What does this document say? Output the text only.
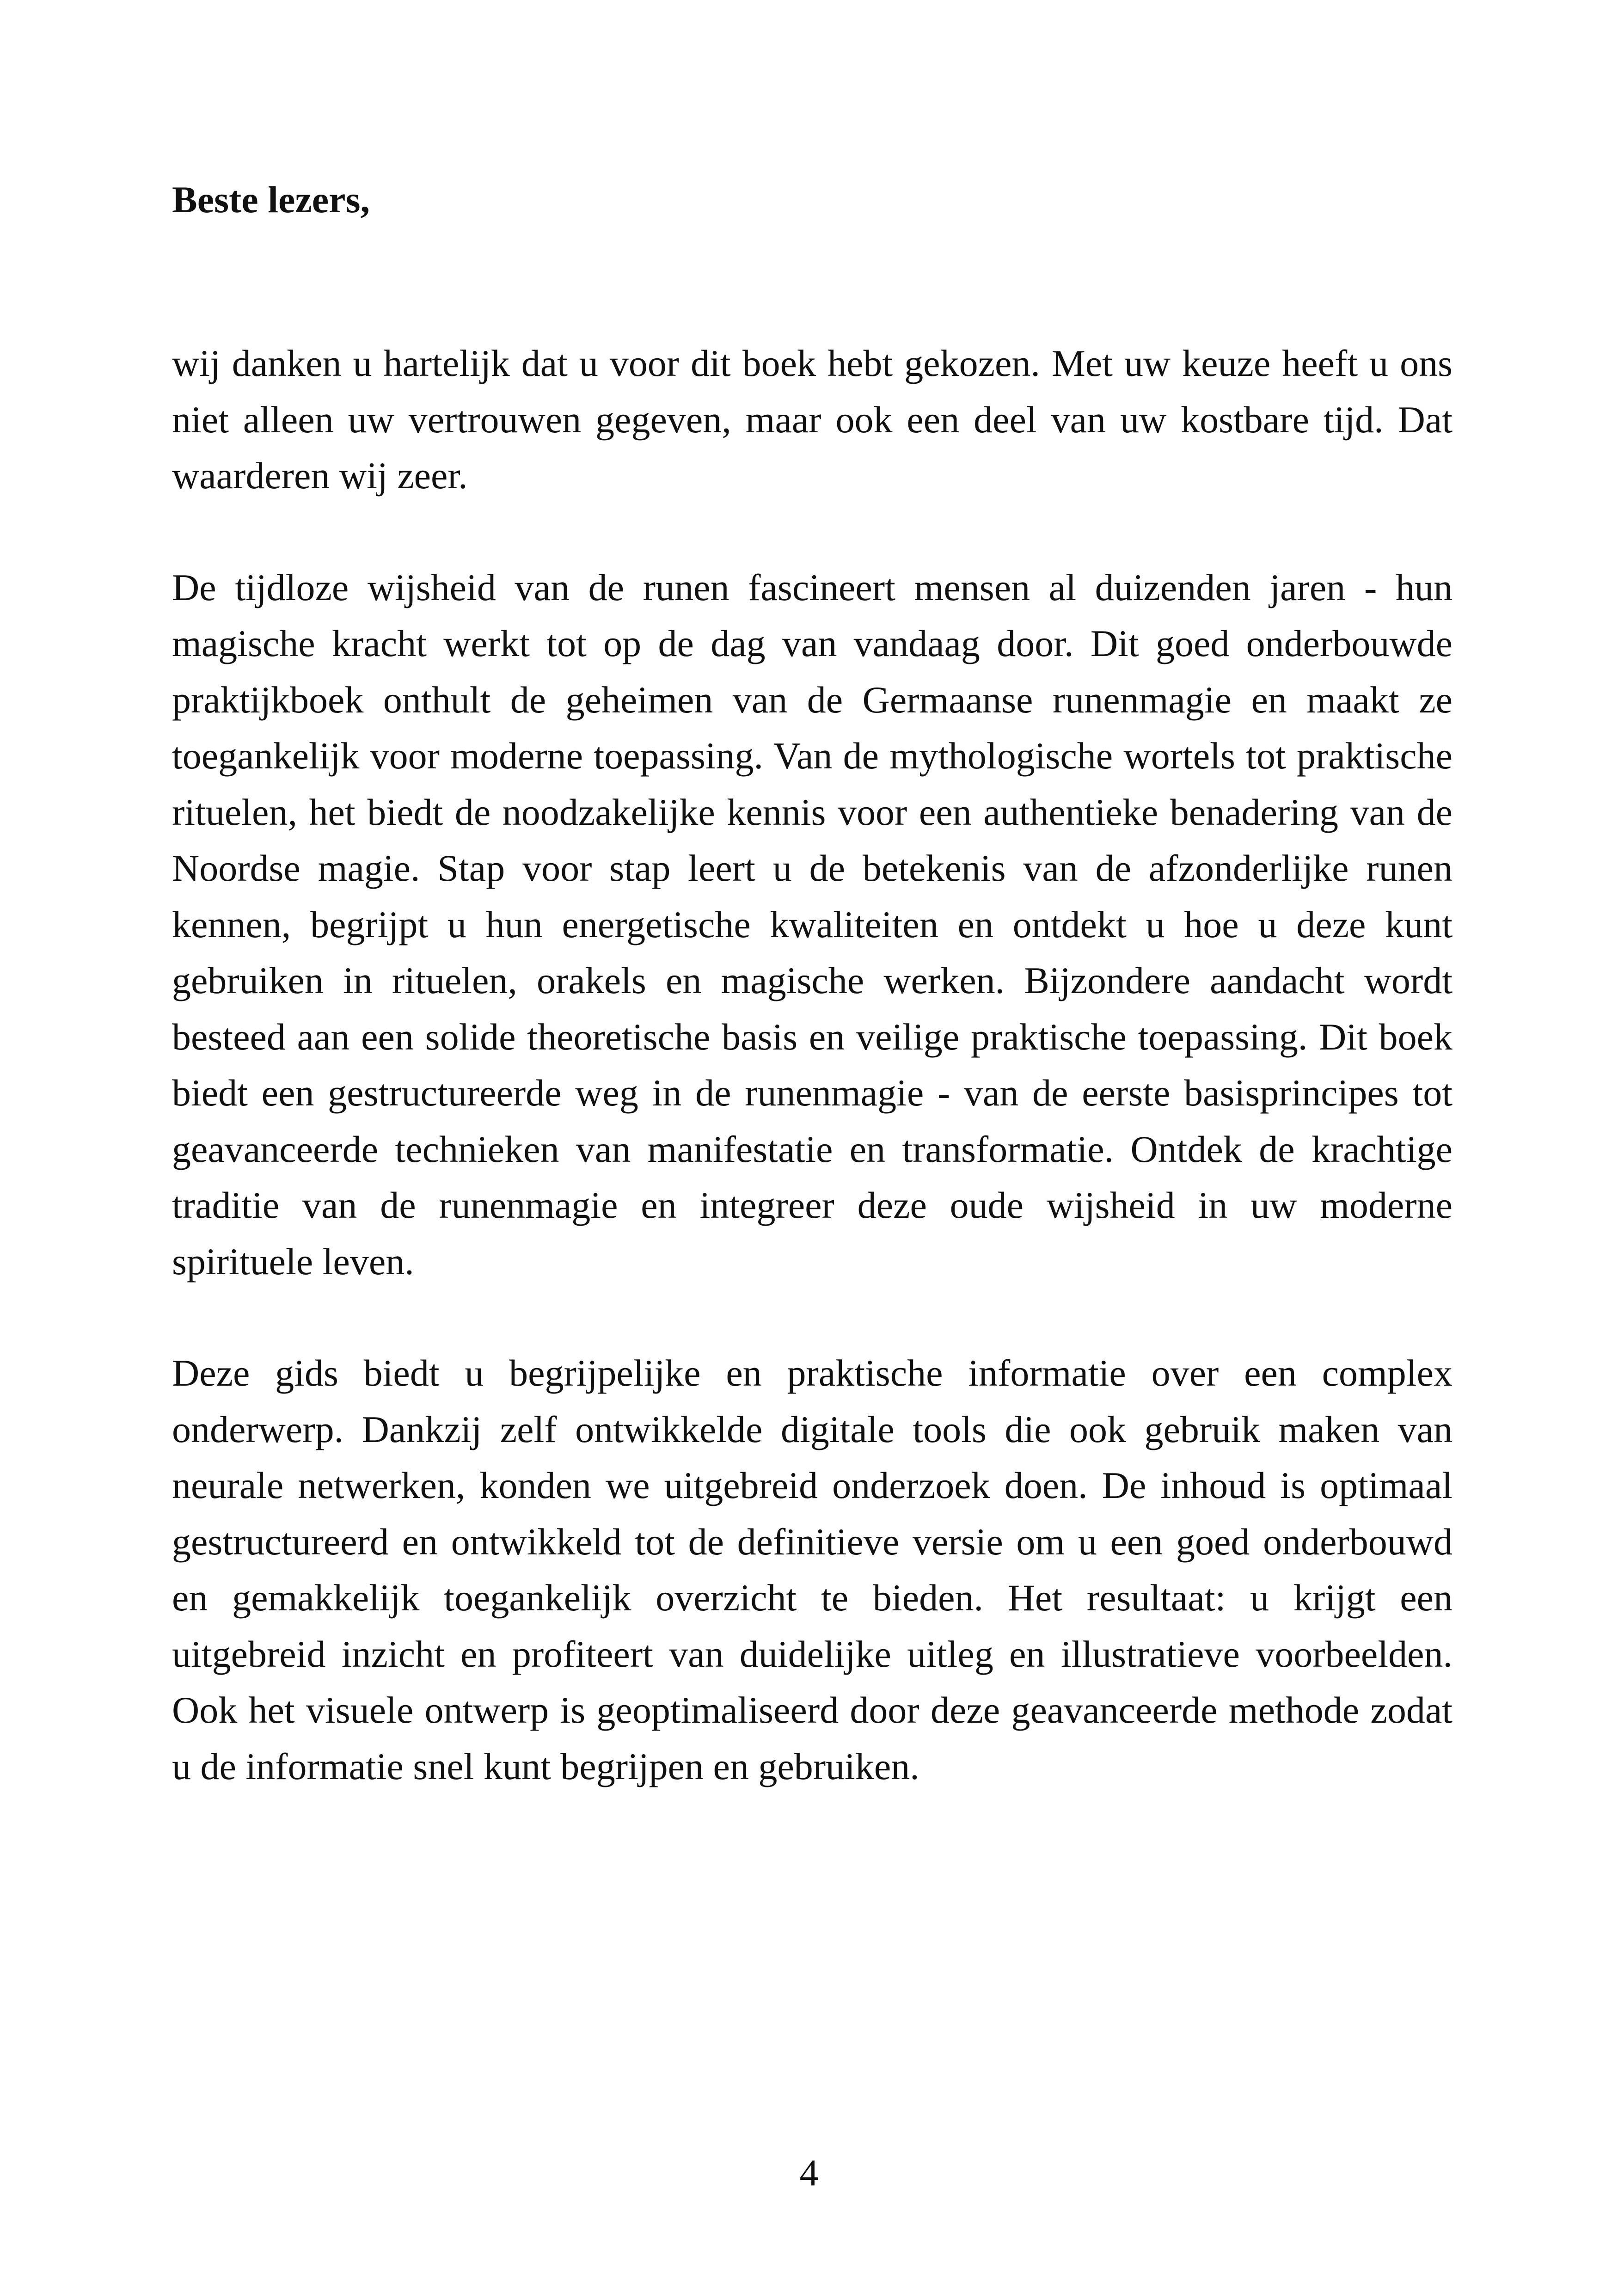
Beste lezers,

wij danken u hartelijk dat u voor dit boek hebt gekozen. Met uw keuze heeft u ons niet alleen uw vertrouwen gegeven, maar ook een deel van uw kostbare tijd. Dat waarderen wij zeer.

De tijdloze wijsheid van de runen fascineert mensen al duizenden jaren - hun magische kracht werkt tot op de dag van vandaag door. Dit goed onderbouwde praktijkboek onthult de geheimen van de Germaanse runenmagie en maakt ze toegankelijk voor moderne toepassing. Van de mythologische wortels tot praktische rituelen, het biedt de noodzakelijke kennis voor een authentieke benadering van de Noordse magie. Stap voor stap leert u de betekenis van de afzonderlijke runen kennen, begrijpt u hun energetische kwaliteiten en ontdekt u hoe u deze kunt gebruiken in rituelen, orakels en magische werken. Bijzondere aandacht wordt besteed aan een solide theoretische basis en veilige praktische toepassing. Dit boek biedt een gestructureerde weg in de runenmagie - van de eerste basisprincipes tot geavanceerde technieken van manifestatie en transformatie. Ontdek de krachtige traditie van de runenmagie en integreer deze oude wijsheid in uw moderne spirituele leven.

Deze gids biedt u begrijpelijke en praktische informatie over een complex onderwerp. Dankzij zelf ontwikkelde digitale tools die ook gebruik maken van neurale netwerken, konden we uitgebreid onderzoek doen. De inhoud is optimaal gestructureerd en ontwikkeld tot de definitieve versie om u een goed onderbouwd en gemakkelijk toegankelijk overzicht te bieden. Het resultaat: u krijgt een uitgebreid inzicht en profiteert van duidelijke uitleg en illustratieve voorbeelden. Ook het visuele ontwerp is geoptimaliseerd door deze geavanceerde methode zodat u de informatie snel kunt begrijpen en gebruiken.

4
